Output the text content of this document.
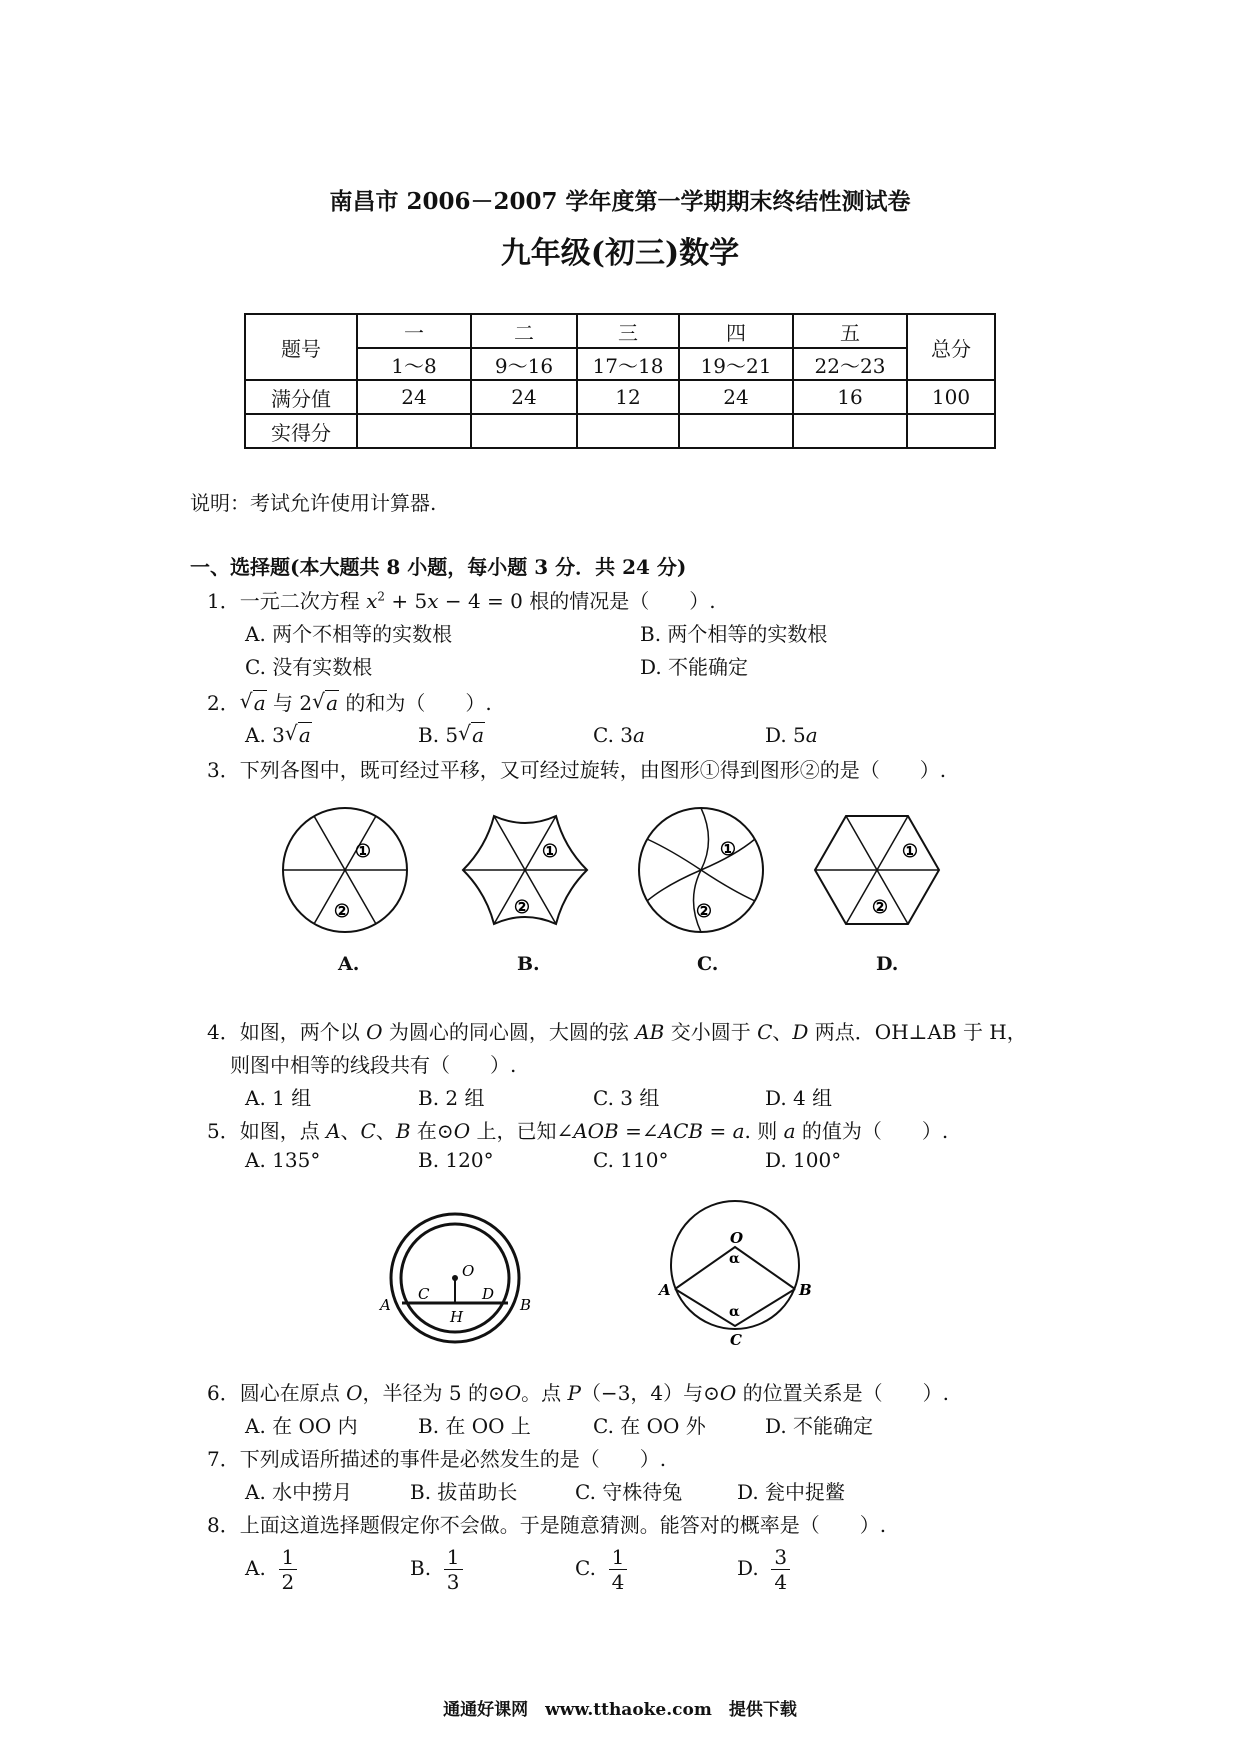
南昌市 2006－2007 学年度第一学期期末终结性测试卷
九年级(初三)数学
题号	一	二	三	四	五	总分
	1～8	9～16	17～18	19～21	22～23	
满分值	24	24	12	24	16	100
实得分						
说明：考试允许使用计算器.
一、选择题(本大题共 8 小题，每小题 3 分．共 24 分)
1．一元二次方程 $x^2 + 5x - 4 = 0$ 根的情况是（　　）.
A. 两个不相等的实数根	B. 两个相等的实数根
C. 没有实数根	D. 不能确定
2． √ a 与 2 √ a 的和为（　　）.
A. 3 √ a	B. 5 √ a	C. 3a	D. 5a
3．下列各图中，既可经过平移，又可经过旋转，由图形①得到图形②的是（　　）.
①
②
①
②
①
②
①
②
A.	B.	C.	D.
4．如图，两个以 O 为圆心的同心圆，大圆的弦 AB 交小圆于 C、D 两点．OH⊥AB 于 H，
则图中相等的线段共有（　　）.
A. 1 组	B. 2 组	C. 3 组	D. 4 组
5．如图，点 A、C、B 在⊙O 上，已知∠AOB =∠ACB = a. 则 a 的值为（　　）.
A. 135°	B. 120°	C. 110°	D. 100°
O
A
C	D
B
H
O
A	B
C
α
α
6．圆心在原点 O，半径为 5 的⊙O。点 P（−3，4）与⊙O 的位置关系是（　　）.
A. 在 OO 内	B. 在 OO 上	C. 在 OO 外	D. 不能确定
7．下列成语所描述的事件是必然发生的是（　　）.
A. 水中捞月	B. 拔苗助长	C. 守株待兔	D. 瓮中捉鳖
8．上面这道选择题假定你不会做。于是随意猜测。能答对的概率是（　　）.
A. $\frac{1}{2}$	B. $\frac{1}{3}$	C. $\frac{1}{4}$	D. $\frac{3}{4}$
通通好课网　www.tthaoke.com　提供下载
